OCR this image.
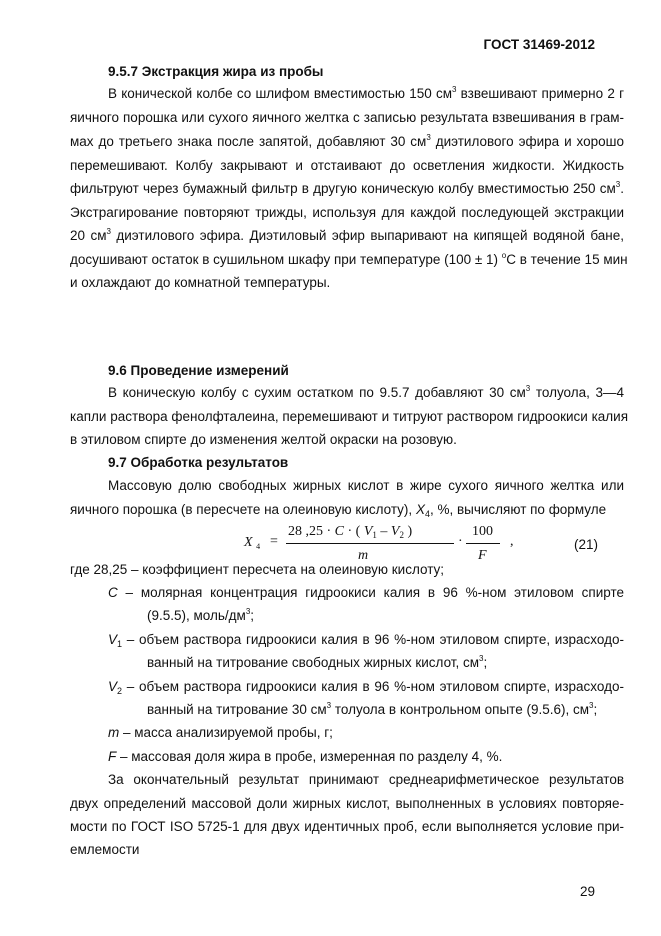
ГОСТ 31469-2012
9.5.7 Экстракция жира из пробы
В конической колбе со шлифом вместимостью 150 $см^3$ взвешивают примерно 2 г
яичного порошка или сухого яичного желтка с записью результата взвешивания в грам-
мах до третьего знака после запятой, добавляют 30 $см^3$ диэтилового эфира и хорошо
перемешивают. Колбу закрывают и отстаивают до осветления жидкости. Жидкость
фильтруют через бумажный фильтр в другую коническую колбу вместимостью 250 $см^3$.
Экстрагирование повторяют трижды, используя для каждой последующей экстракции
20 $см^3$ диэтилового эфира. Диэтиловый эфир выпаривают на кипящей водяной бане,
досушивают остаток в сушильном шкафу при температуре (100 ± 1) $^o$C в течение 15 мин
и охлаждают до комнатной температуры.
9.6 Проведение измерений
В коническую колбу с сухим остатком по 9.5.7 добавляют 30 $см^3$ толуола, 3—4
капли раствора фенолфталеина, перемешивают и титруют раствором гидроокиси калия
в этиловом спирте до изменения желтой окраски на розовую.
9.7 Обработка результатов
Массовую долю свободных жирных кислот в жире сухого яичного желтка или
яичного порошка (в пересчете на олеиновую кислоту), $X_4$, %, вычисляют по формуле
X $_4$ =
28 ,25 · C · ( $V_1 - V_2$ )
m
·
100
F
,	(21)
где 28,25 – коэффициент пересчета на олеиновую кислоту;
C – молярная концентрация гидроокиси калия в 96 %-ном этиловом спирте
(9.5.5), моль/$дм^3$;
$V_1$ – объем раствора гидроокиси калия в 96 %-ном этиловом спирте, израсходо-
ванный на титрование свободных жирных кислот, $см^3$;
$V_2$ – объем раствора гидроокиси калия в 96 %-ном этиловом спирте, израсходо-
ванный на титрование 30 $см^3$ толуола в контрольном опыте (9.5.6), $см^3$;
m – масса анализируемой пробы, г;
F – массовая доля жира в пробе, измеренная по разделу 4, %.
За окончательный результат принимают среднеарифметическое результатов
двух определений массовой доли жирных кислот, выполненных в условиях повторяе-
мости по ГОСТ ISO 5725-1 для двух идентичных проб, если выполняется условие при-
емлемости
29
